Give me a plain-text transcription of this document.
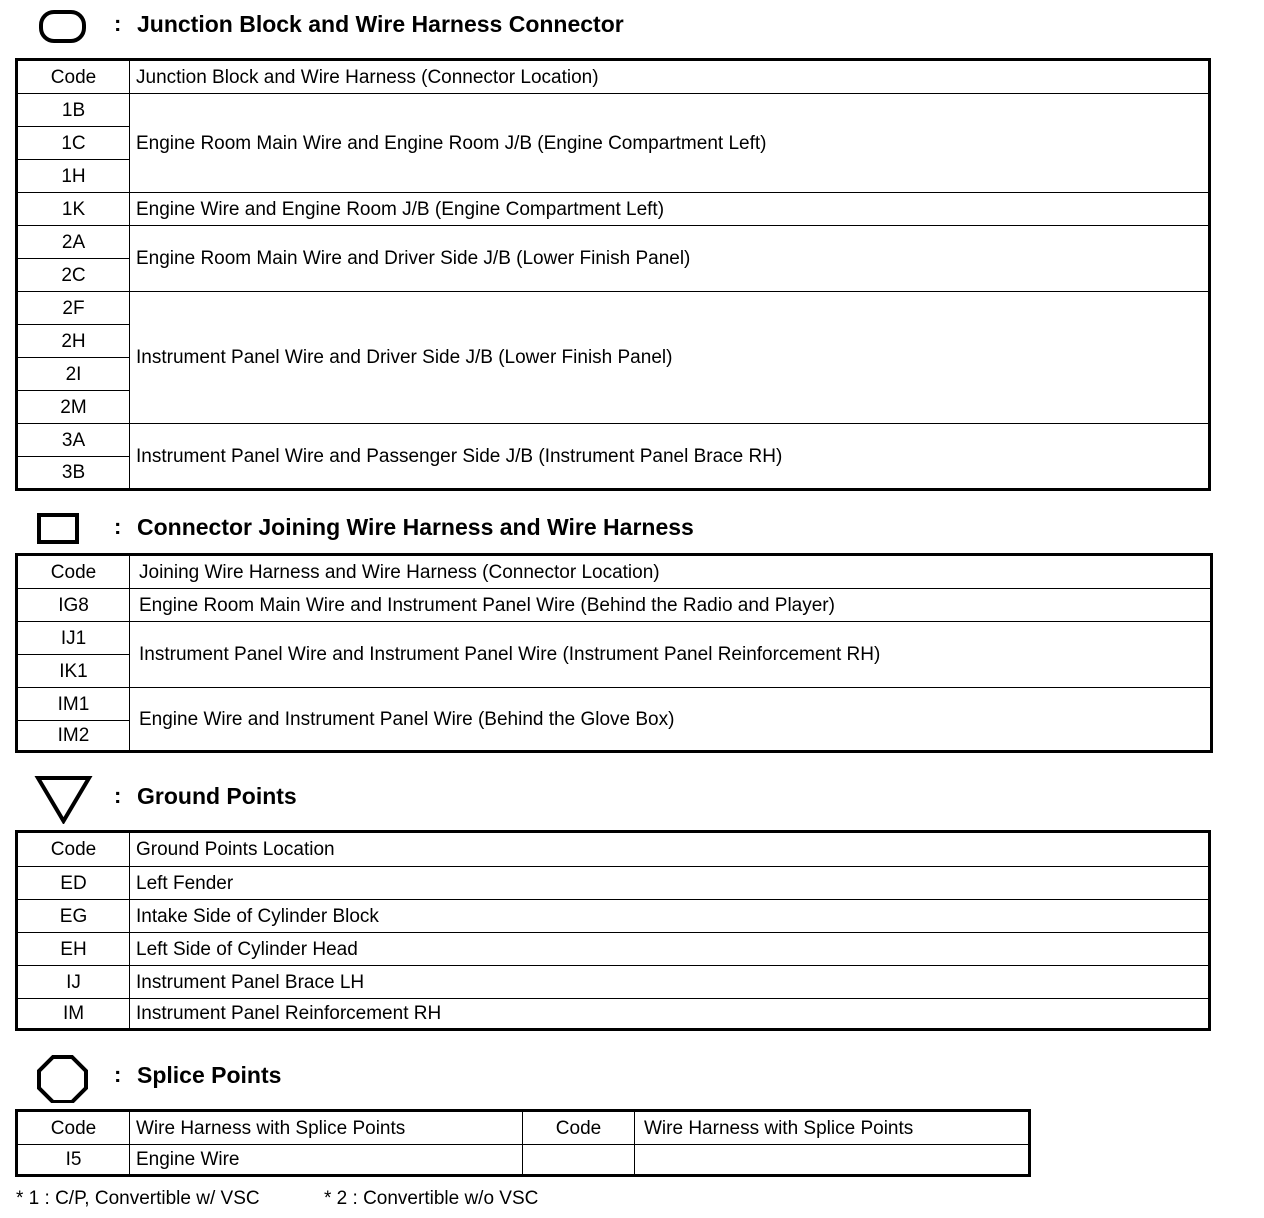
: Junction Block and Wire Harness Connector
Code	Junction Block and Wire Harness (Connector Location)
1B	Engine Room Main Wire and Engine Room J/B (Engine Compartment Left)
1C	
1H	
1K	Engine Wire and Engine Room J/B (Engine Compartment Left)
2A	Engine Room Main Wire and Driver Side J/B (Lower Finish Panel)
2C	
2F	Instrument Panel Wire and Driver Side J/B (Lower Finish Panel)
2H	
2I	
2M	
3A	Instrument Panel Wire and Passenger Side J/B (Instrument Panel Brace RH)
3B	
: Connector Joining Wire Harness and Wire Harness
Code	Joining Wire Harness and Wire Harness (Connector Location)
IG8	Engine Room Main Wire and Instrument Panel Wire (Behind the Radio and Player)
IJ1	Instrument Panel Wire and Instrument Panel Wire (Instrument Panel Reinforcement RH)
IK1	
IM1	Engine Wire and Instrument Panel Wire (Behind the Glove Box)
IM2	
: Ground Points
Code	Ground Points Location
ED	Left Fender
EG	Intake Side of Cylinder Block
EH	Left Side of Cylinder Head
IJ	Instrument Panel Brace LH
IM	Instrument Panel Reinforcement RH
: Splice Points
Code	Wire Harness with Splice Points	Code	Wire Harness with Splice Points
I5	Engine Wire		
* 1 : C/P, Convertible w/ VSC	* 2 : Convertible w/o VSC
